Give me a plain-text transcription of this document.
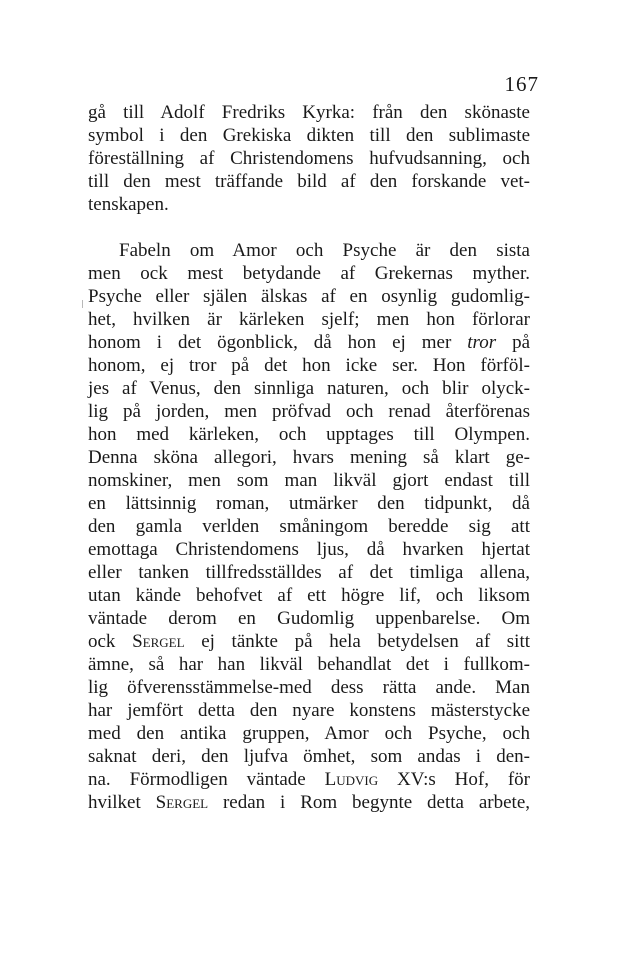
167
gå till Adolf Fredriks Kyrka: från den skönaste
symbol i den Grekiska dikten till den sublimaste
föreställning af Christendomens hufvudsanning, och
till den mest träffande bild af den forskande vet-
tenskapen.
Fabeln om Amor och Psyche är den sista
men ock mest betydande af Grekernas myther.
Psyche eller själen älskas af en osynlig gudomlig-
het, hvilken är kärleken sjelf; men hon förlorar
honom i det ögonblick, då hon ej mer tror på
honom, ej tror på det hon icke ser. Hon förföl-
jes af Venus, den sinnliga naturen, och blir olyck-
lig på jorden, men pröfvad och renad återförenas
hon med kärleken, och upptages till Olympen.
Denna sköna allegori, hvars mening så klart ge-
nomskiner, men som man likväl gjort endast till
en lättsinnig roman, utmärker den tidpunkt, då
den gamla verlden småningom beredde sig att
emottaga Christendomens ljus, då hvarken hjertat
eller tanken tillfredsställdes af det timliga allena,
utan kände behofvet af ett högre lif, och liksom
väntade derom en Gudomlig uppenbarelse. Om
ock Sergel ej tänkte på hela betydelsen af sitt
ämne, så har han likväl behandlat det i fullkom-
lig öfverensstämmelse-med dess rätta ande. Man
har jemfört detta den nyare konstens mästerstycke
med den antika gruppen, Amor och Psyche, och
saknat deri, den ljufva ömhet, som andas i den-
na. Förmodligen väntade Ludvig XV:s Hof, för
hvilket Sergel redan i Rom begynte detta arbete,
